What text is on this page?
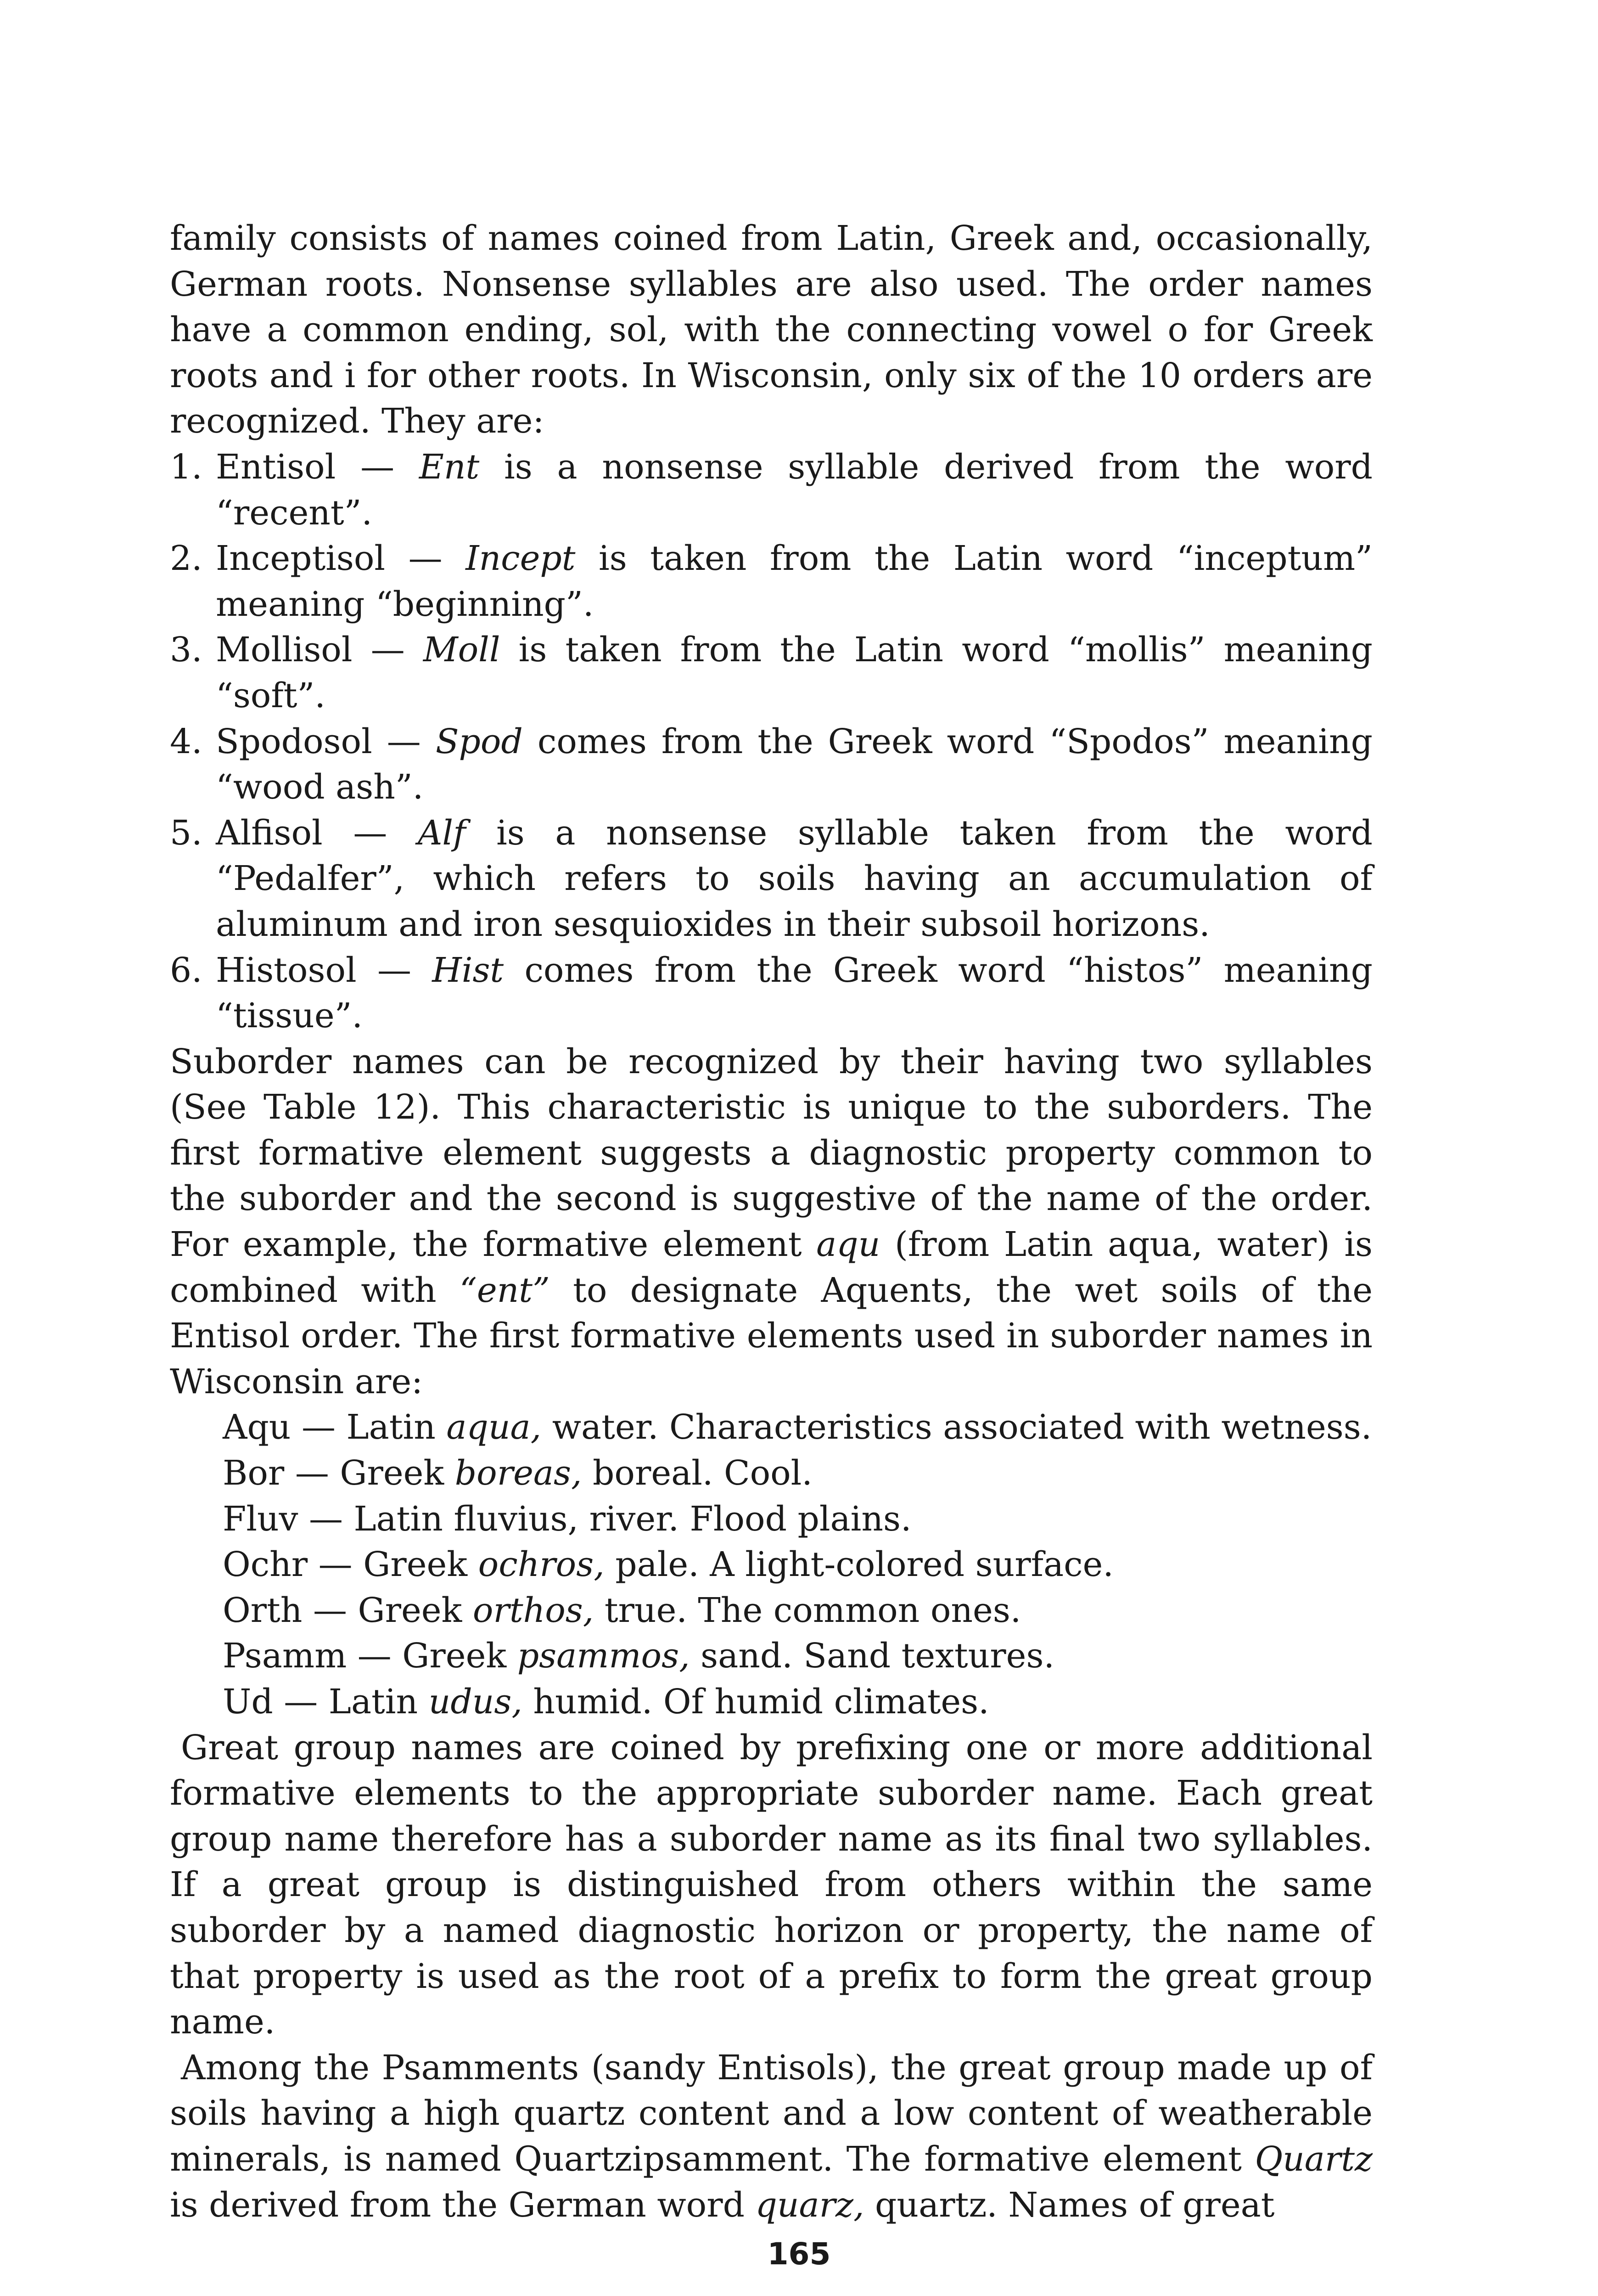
family consists of names coined from Latin, Greek and, occasionally, German roots. Nonsense syllables are also used. The order names have a common ending, sol, with the connecting vowel o for Greek roots and i for other roots. In Wisconsin, only six of the 10 orders are recognized. They are:

1. Entisol — Ent is a nonsense syllable derived from the word “recent”.
2. Inceptisol — Incept is taken from the Latin word “inceptum” meaning “beginning”.
3. Mollisol — Moll is taken from the Latin word “mollis” meaning “soft”.
4. Spodosol — Spod comes from the Greek word “Spodos” meaning “wood ash”.
5. Alfisol — Alf is a nonsense syllable taken from the word “Pedalfer”, which refers to soils having an accumulation of aluminum and iron sesquioxides in their subsoil horizons.
6. Histosol — Hist comes from the Greek word “histos” meaning “tissue”.

Suborder names can be recognized by their having two syllables (See Table 12). This characteristic is unique to the suborders. The first formative element suggests a diagnostic property common to the suborder and the second is suggestive of the name of the order. For example, the formative element aqu (from Latin aqua, water) is combined with “ent” to designate Aquents, the wet soils of the Entisol order. The first formative elements used in suborder names in Wisconsin are:

Aqu — Latin aqua, water. Characteristics associated with wetness.
Bor — Greek boreas, boreal. Cool.
Fluv — Latin fluvius, river. Flood plains.
Ochr — Greek ochros, pale. A light-colored surface.
Orth — Greek orthos, true. The common ones.
Psamm — Greek psammos, sand. Sand textures.
Ud — Latin udus, humid. Of humid climates.

Great group names are coined by prefixing one or more additional formative elements to the appropriate suborder name. Each great group name therefore has a suborder name as its final two syllables. If a great group is distinguished from others within the same suborder by a named diagnostic horizon or property, the name of that property is used as the root of a prefix to form the great group name.

Among the Psamments (sandy Entisols), the great group made up of soils having a high quartz content and a low content of weatherable minerals, is named Quartzipsamment. The formative element Quartz is derived from the German word quarz, quartz. Names of great

165
